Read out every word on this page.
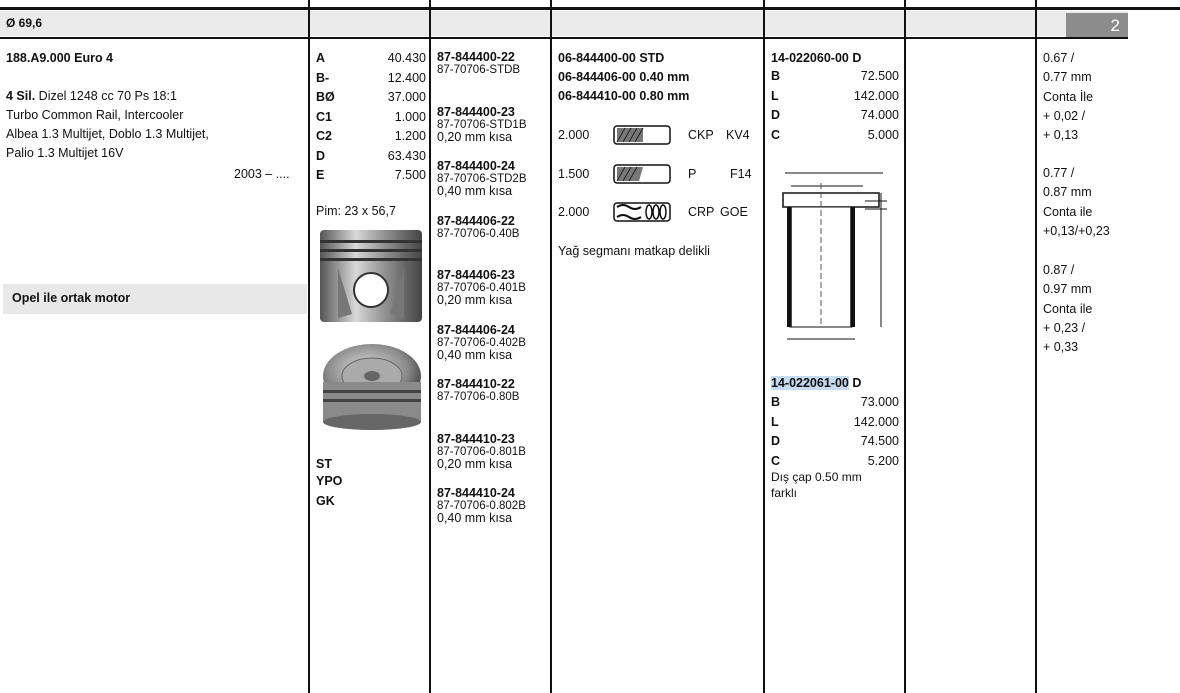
Ø 69,6	2
188.A9.000 Euro 4
4 Sil. Dizel 1248 cc 70 Ps 18:1
Turbo Common Rail, Intercooler
Albea 1.3 Multijet, Doblo 1.3 Multijet,
Palio 1.3 Multijet 16V
2003 – ....
Opel ile ortak motor
A	40.430
B-	12.400
BØ	37.000
C1	1.000
C2	1.200
D	63.430
E	7.500
Pim: 23 x 56,7
ST
YPO
GK
87-844400-22
87-70706-STDB
87-844400-23
87-70706-STD1B
0,20 mm kısa
87-844400-24
87-70706-STD2B
0,40 mm kısa
87-844406-22
87-70706-0.40B
87-844406-23
87-70706-0.401B
0,20 mm kısa
87-844406-24
87-70706-0.402B
0,40 mm kısa
87-844410-22
87-70706-0.80B
87-844410-23
87-70706-0.801B
0,20 mm kısa
87-844410-24
87-70706-0.802B
0,40 mm kısa
06-844400-00 STD
06-844406-00 0.40 mm
06-844410-00 0.80 mm
2.000	CKP KV4
1.500	P	F14
2.000	CRP GOE
Yağ segmanı matkap delikli
14-022060-00 D
B	72.500
L	142.000
D	74.000
C	5.000
14-022061-00 D
B	73.000
L	142.000
D	74.500
C	5.200
Dış çap 0.50 mm
farklı
0.67 /
0.77 mm
Conta İle
+ 0,02 /
+ 0,13
0.77 /
0.87 mm
Conta ile
+0,13/+0,23
0.87 /
0.97 mm
Conta ile
+ 0,23 /
+ 0,33
